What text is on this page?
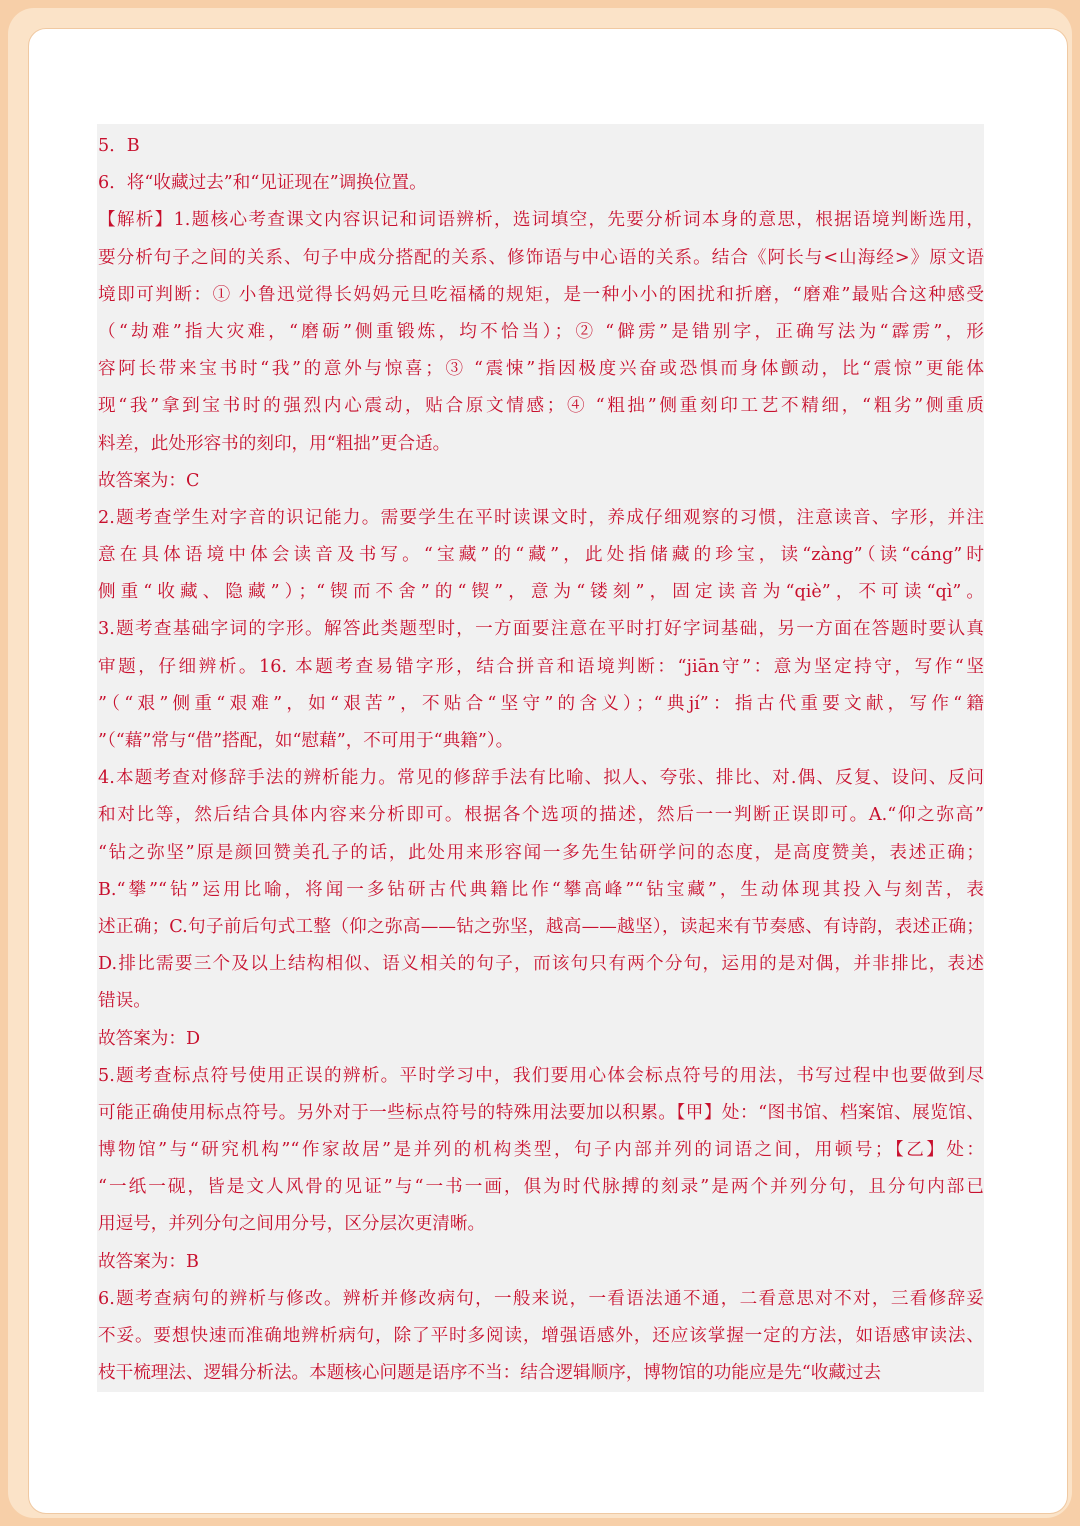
5．B
6．将“收藏过去”和“见证现在”调换位置。
【解析】1.题核心考查课文内容识记和词语辨析，选词填空，先要分析词本身的意思，根据语境判断选用，
要分析句子之间的关系、句子中成分搭配的关系、修饰语与中心语的关系。结合《阿长与<山海经>》原文语
境即可判断：① 小鲁迅觉得长妈妈元旦吃福橘的规矩，是一种小小的困扰和折磨，“磨难”最贴合这种感受
（“劫难”指大灾难，“磨砺”侧重锻炼，均不恰当）；② “僻雳”是错别字，正确写法为“霹雳”，形
容阿长带来宝书时“我”的意外与惊喜；③ “震悚”指因极度兴奋或恐惧而身体颤动，比“震惊”更能体
现“我”拿到宝书时的强烈内心震动，贴合原文情感；④ “粗拙”侧重刻印工艺不精细，“粗劣”侧重质
料差，此处形容书的刻印，用“粗拙”更合适。
故答案为：C
2.题考查学生对字音的识记能力。需要学生在平时读课文时，养成仔细观察的习惯，注意读音、字形，并注
意在具体语境中体会读音及书写。“宝藏”的“藏”，此处指储藏的珍宝，读“zàng”（读“cáng”时
侧重“收藏、隐藏”）；“锲而不舍”的“锲”，意为“镂刻”，固定读音为“qiè”，不可读“qì”。
3.题考查基础字词的字形。解答此类题型时，一方面要注意在平时打好字词基础，另一方面在答题时要认真
审题，仔细辨析。16. 本题考查易错字形，结合拼音和语境判断：“jiān守”：意为坚定持守，写作“坚
”（“艰”侧重“艰难”，如“艰苦”，不贴合“坚守”的含义）；“典jí”：指古代重要文献，写作“籍
”（“藉”常与“借”搭配，如“慰藉”，不可用于“典籍”）。
4.本题考查对修辞手法的辨析能力。常见的修辞手法有比喻、拟人、夸张、排比、对.偶、反复、设问、反问
和对比等，然后结合具体内容来分析即可。根据各个选项的描述，然后一一判断正误即可。A.“仰之弥高”
“钻之弥坚”原是颜回赞美孔子的话，此处用来形容闻一多先生钻研学问的态度，是高度赞美，表述正确；
B.“攀”“钻”运用比喻，将闻一多钻研古代典籍比作“攀高峰”“钻宝藏”，生动体现其投入与刻苦，表
述正确；C.句子前后句式工整（仰之弥高——钻之弥坚，越高——越坚），读起来有节奏感、有诗韵，表述正确；
D.排比需要三个及以上结构相似、语义相关的句子，而该句只有两个分句，运用的是对偶，并非排比，表述
错误。
故答案为：D
5.题考查标点符号使用正误的辨析。平时学习中，我们要用心体会标点符号的用法，书写过程中也要做到尽
可能正确使用标点符号。另外对于一些标点符号的特殊用法要加以积累。【甲】处：“图书馆、档案馆、展览馆、
博物馆”与“研究机构”“作家故居”是并列的机构类型，句子内部并列的词语之间，用顿号；【乙】处：
“一纸一砚，皆是文人风骨的见证”与“一书一画，俱为时代脉搏的刻录”是两个并列分句，且分句内部已
用逗号，并列分句之间用分号，区分层次更清晰。
故答案为：B
6.题考查病句的辨析与修改。辨析并修改病句，一般来说，一看语法通不通，二看意思对不对，三看修辞妥
不妥。要想快速而准确地辨析病句，除了平时多阅读，增强语感外，还应该掌握一定的方法，如语感审读法、
枝干梳理法、逻辑分析法。本题核心问题是语序不当：结合逻辑顺序，博物馆的功能应是先“收藏过去
